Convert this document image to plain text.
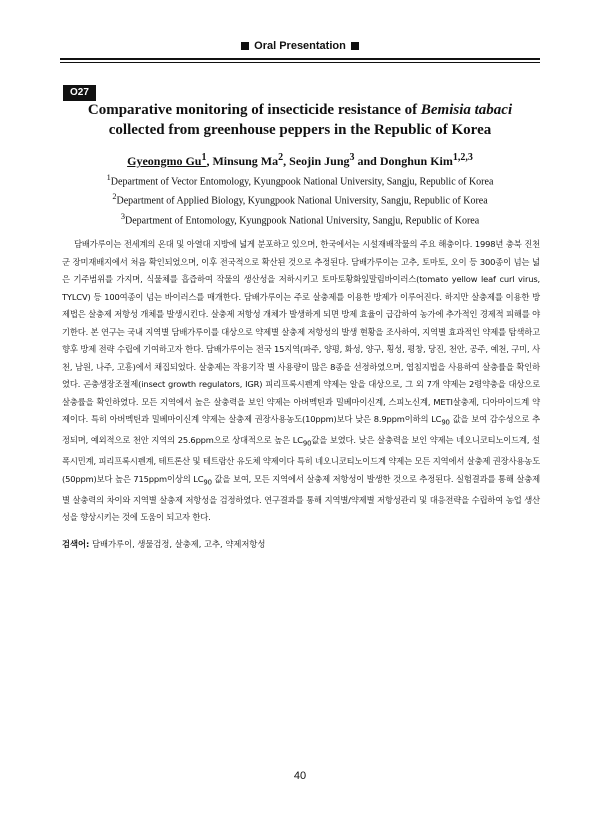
Oral Presentation
O27
Comparative monitoring of insecticide resistance of Bemisia tabaci collected from greenhouse peppers in the Republic of Korea
Gyeongmo Gu$^1$, Minsung Ma$^2$, Seojin Jung$^3$ and Donghun Kim$^{1,2,3}$
$^1$Department of Vector Entomology, Kyungpook National University, Sangju, Republic of Korea
$^2$Department of Applied Biology, Kyungpook National University, Sangju, Republic of Korea
$^3$Department of Entomology, Kyungpook National University, Sangju, Republic of Korea
담배가루이는 전세계의 온대 및 아열대 지방에 넓게 분포하고 있으며, 한국에서는 시설재배작물의 주요 해충이다. 1998년 충북 진천군 장미재배지에서 처음 확인되었으며, 이후 전국적으로 확산된 것으로 추정된다. 담배가루이는 고추, 토마토, 오이 등 300종이 넘는 넓은 기주범위를 가지며, 식물체를 흡즙하여 작물의 생산성을 저하시키고 토마토황화잎말림바이러스(tomato yellow leaf curl virus, TYLCV) 등 100여종이 넘는 바이러스를 매개한다. 담배가루이는 주로 살충제를 이용한 방제가 이루어진다. 하지만 살충제를 이용한 방제법은 살충제 저항성 개체를 발생시킨다. 살충제 저항성 개체가 발생하게 되면 방제 효율이 급감하여 농가에 추가적인 경제적 피해를 야기한다. 본 연구는 국내 지역별 담배가루이를 대상으로 약제별 살충제 저항성의 발생 현황을 조사하여, 지역별 효과적인 약제를 탐색하고 향후 방제 전략 수립에 기여하고자 한다. 담배가루이는 전국 15지역(파주, 양평, 화성, 양구, 횡성, 평창, 당진, 천안, 공주, 예천, 구미, 사천, 남원, 나주, 고흥)에서 채집되었다. 살충제는 작용기작 별 사용량이 많은 8종을 선정하였으며, 엽침지법을 사용하여 살충률을 확인하였다. 곤충생장조절제(insect growth regulators, IGR) 피리프록시펜계 약제는 알을 대상으로, 그 외 7개 약제는 2령약충을 대상으로 살충률을 확인하였다. 모든 지역에서 높은 살충력을 보인 약제는 아버멕틴과 밀베마이신계, 스피노신계, METI살충제, 디아마이드계 약제이다. 특히 아버멕틴과 밀베마이신계 약제는 살충제 권장사용농도(10ppm)보다 낮은 8.9ppm이하의 $LC_{90}$ 값을 보여 감수성으로 추정되며, 예외적으로 천안 지역의 25.6ppm으로 상대적으로 높은 $LC_{90}$값을 보였다. 낮은 살충력을 보인 약제는 네오니코티노이드계, 설폭시민계, 피리프록시펜계, 테트론산 및 테트람산 유도체 약제이다 특히 네오니코티노이드계 약제는 모든 지역에서 살충제 권장사용농도(50ppm)보다 높은 715ppm이상의 $LC_{90}$ 값을 보여, 모든 지역에서 살충제 저항성이 발생한 것으로 추정된다. 실험결과를 통해 살충제 별 살충력의 차이와 지역별 살충제 저항성을 검정하였다. 연구결과를 통해 지역별/약제별 저항성관리 및 대응전략을 수립하여 농업 생산성을 향상시키는 것에 도움이 되고자 한다.
검색어: 담배가루이, 생물검정, 살충제, 고추, 약제저항성
40
